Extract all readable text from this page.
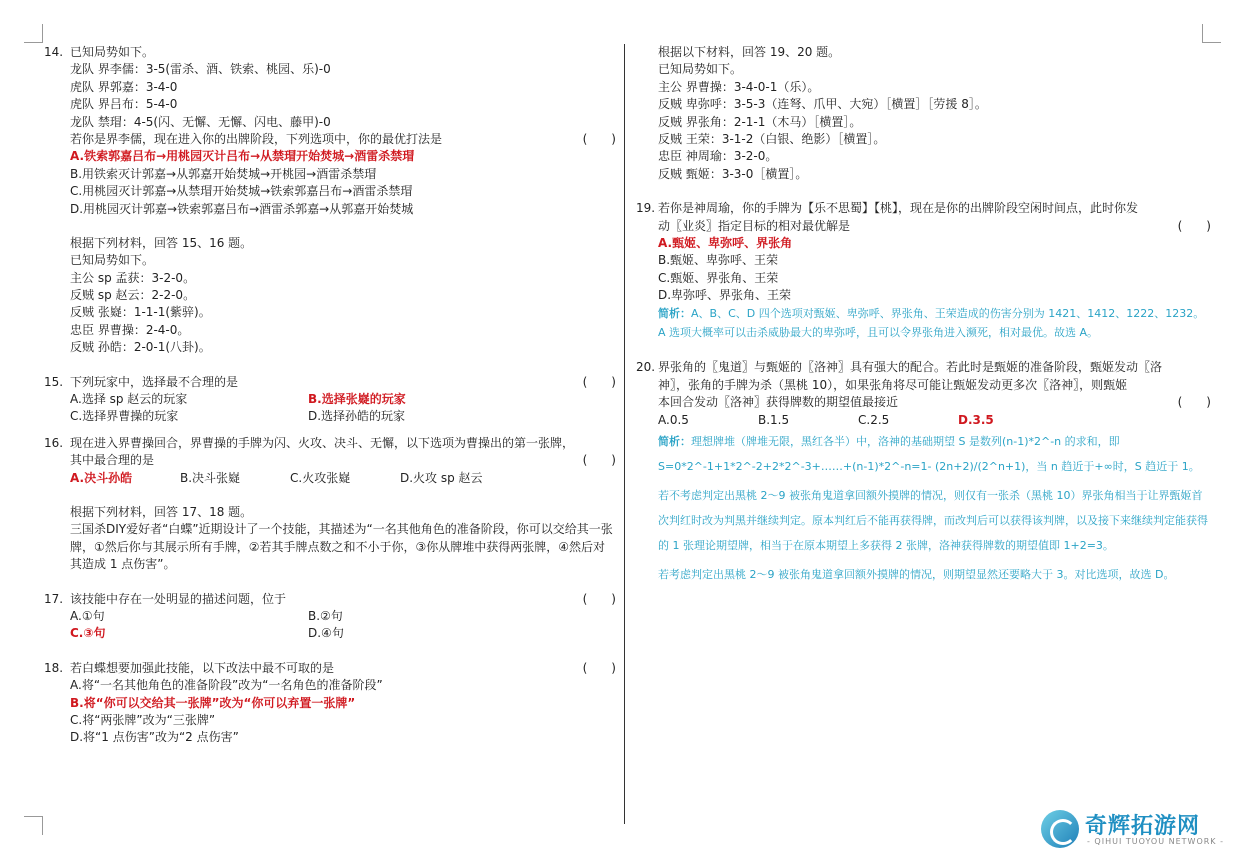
14. 已知局势如下。
龙队 界李儒：3-5(雷杀、酒、铁索、桃园、乐)-0
虎队 界郭嘉：3-4-0
虎队 界吕布：5-4-0
龙队 禁瑁：4-5(闪、无懈、无懈、闪电、藤甲)-0
若你是界李儒，现在进入你的出牌阶段，下列选项中，你的最优打法是	(　　)
A.铁索郭嘉吕布→用桃园灭计吕布→从禁瑁开始焚城→酒雷杀禁瑁
B.用铁索灭计郭嘉→从郭嘉开始焚城→开桃园→酒雷杀禁瑁
C.用桃园灭计郭嘉→从禁瑁开始焚城→铁索郭嘉吕布→酒雷杀禁瑁
D.用桃园灭计郭嘉→铁索郭嘉吕布→酒雷杀郭嘉→从郭嘉开始焚城
根据下列材料，回答 15、16 题。
已知局势如下。
主公 sp 孟获：3-2-0。
反贼 sp 赵云：2-2-0。
反贼 张嶷：1-1-1(紫骍)。
忠臣 界曹操：2-4-0。
反贼 孙皓：2-0-1(八卦)。
15. 下列玩家中，选择最不合理的是	(　　)
A.选择 sp 赵云的玩家	B.选择张嶷的玩家
C.选择界曹操的玩家	D.选择孙皓的玩家
16. 现在进入界曹操回合，界曹操的手牌为闪、火攻、决斗、无懈，以下选项为曹操出的第一张牌，
其中最合理的是	(　　)
A.决斗孙皓	B.决斗张嶷	C.火攻张嶷	D.火攻 sp 赵云
根据下列材料，回答 17、18 题。
三国杀DIY爱好者“白蝶”近期设计了一个技能，其描述为“一名其他角色的准备阶段，你可以交给其一张牌，①然后你与其展示所有手牌，②若其手牌点数之和不小于你，③你从牌堆中获得两张牌，④然后对其造成 1 点伤害”。
17. 该技能中存在一处明显的描述问题，位于	(　　)
A.①句	B.②句
C.③句	D.④句
18. 若白蝶想要加强此技能，以下改法中最不可取的是	(　　)
A.将“一名其他角色的准备阶段”改为“一名角色的准备阶段”
B.将“你可以交给其一张牌”改为“你可以弃置一张牌”
C.将“两张牌”改为“三张牌”
D.将“1 点伤害”改为“2 点伤害”
根据以下材料，回答 19、20 题。
已知局势如下。
主公 界曹操：3-4-0-1（乐）。
反贼 卑弥呼：3-5-3（连弩、爪甲、大宛）［横置］［劳援 8］。
反贼 界张角：2-1-1（木马）［横置］。
反贼 王荣：3-1-2（白银、绝影）［横置］。
忠臣 神周瑜：3-2-0。
反贼 甄姬：3-3-0［横置］。
19. 若你是神周瑜，你的手牌为【乐不思蜀】【桃】，现在是你的出牌阶段空闲时间点，此时你发
动〖业炎〗指定目标的相对最优解是	(　　)
A.甄姬、卑弥呼、界张角
B.甄姬、卑弥呼、王荣
C.甄姬、界张角、王荣
D.卑弥呼、界张角、王荣
简析：A、B、C、D 四个选项对甄姬、卑弥呼、界张角、王荣造成的伤害分别为 1421、1412、1222、1232。A 选项大概率可以击杀威胁最大的卑弥呼，且可以令界张角进入濒死，相对最优。故选 A。
20. 界张角的〖鬼道〗与甄姬的〖洛神〗具有强大的配合。若此时是甄姬的准备阶段，甄姬发动〖洛
神〗，张角的手牌为杀（黑桃 10），如果张角将尽可能让甄姬发动更多次〖洛神〗，则甄姬
本回合发动〖洛神〗获得牌数的期望值最接近	(　　)
A.0.5	B.1.5	C.2.5	D.3.5
简析：理想牌堆（牌堆无限，黑红各半）中，洛神的基础期望 S 是数列(n-1)*2^-n 的求和，即
S=0*2^-1+1*2^-2+2*2^-3+……+(n-1)*2^-n=1- (2n+2)/(2^n+1)，当 n 趋近于+∞时，S 趋近于 1。
若不考虑判定出黑桃 2～9 被张角鬼道拿回额外摸牌的情况，则仅有一张杀（黑桃 10）界张角相当于让界甄姬首次判红时改为判黑并继续判定。原本判红后不能再获得牌，而改判后可以获得该判牌，以及接下来继续判定能获得的 1 张理论期望牌，相当于在原本期望上多获得 2 张牌，洛神获得牌数的期望值即 1+2=3。
若考虑判定出黑桃 2～9 被张角鬼道拿回额外摸牌的情况，则期望显然还要略大于 3。对比选项，故选 D。
奇辉拓游网
- QIHUI TUOYOU NETWORK -
